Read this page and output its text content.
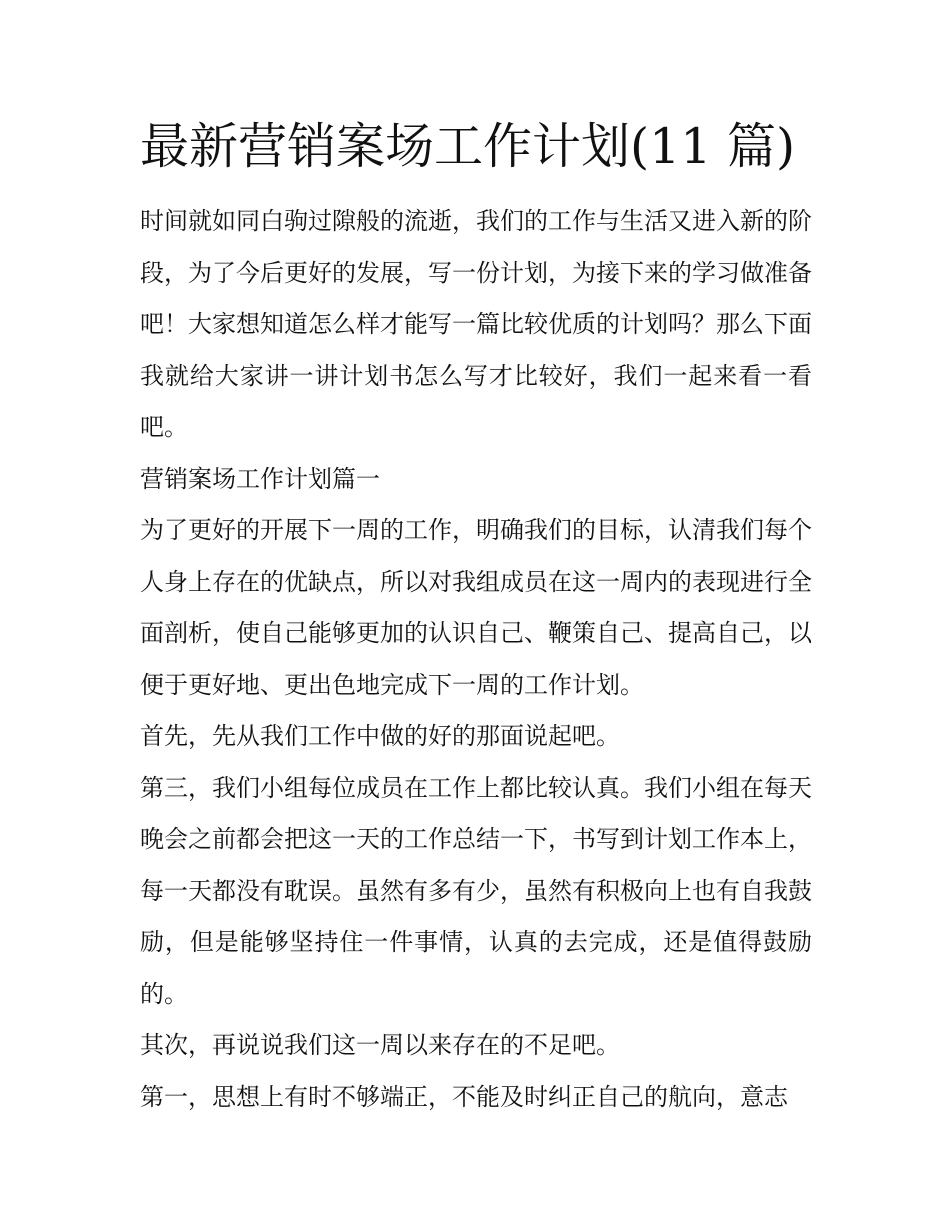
最新营销案场工作计划(11 篇)

时间就如同白驹过隙般的流逝，我们的工作与生活又进入新的阶段，为了今后更好的发展，写一份计划，为接下来的学习做准备吧！大家想知道怎么样才能写一篇比较优质的计划吗？那么下面我就给大家讲一讲计划书怎么写才比较好，我们一起来看一看吧。

营销案场工作计划篇一

为了更好的开展下一周的工作，明确我们的目标，认清我们每个人身上存在的优缺点，所以对我组成员在这一周内的表现进行全面剖析，使自己能够更加的认识自己、鞭策自己、提高自己，以便于更好地、更出色地完成下一周的工作计划。

首先，先从我们工作中做的好的那面说起吧。

第三，我们小组每位成员在工作上都比较认真。我们小组在每天晚会之前都会把这一天的工作总结一下，书写到计划工作本上，每一天都没有耽误。虽然有多有少，虽然有积极向上也有自我鼓励，但是能够坚持住一件事情，认真的去完成，还是值得鼓励的。

其次，再说说我们这一周以来存在的不足吧。

第一，思想上有时不够端正，不能及时纠正自己的航向，意志
